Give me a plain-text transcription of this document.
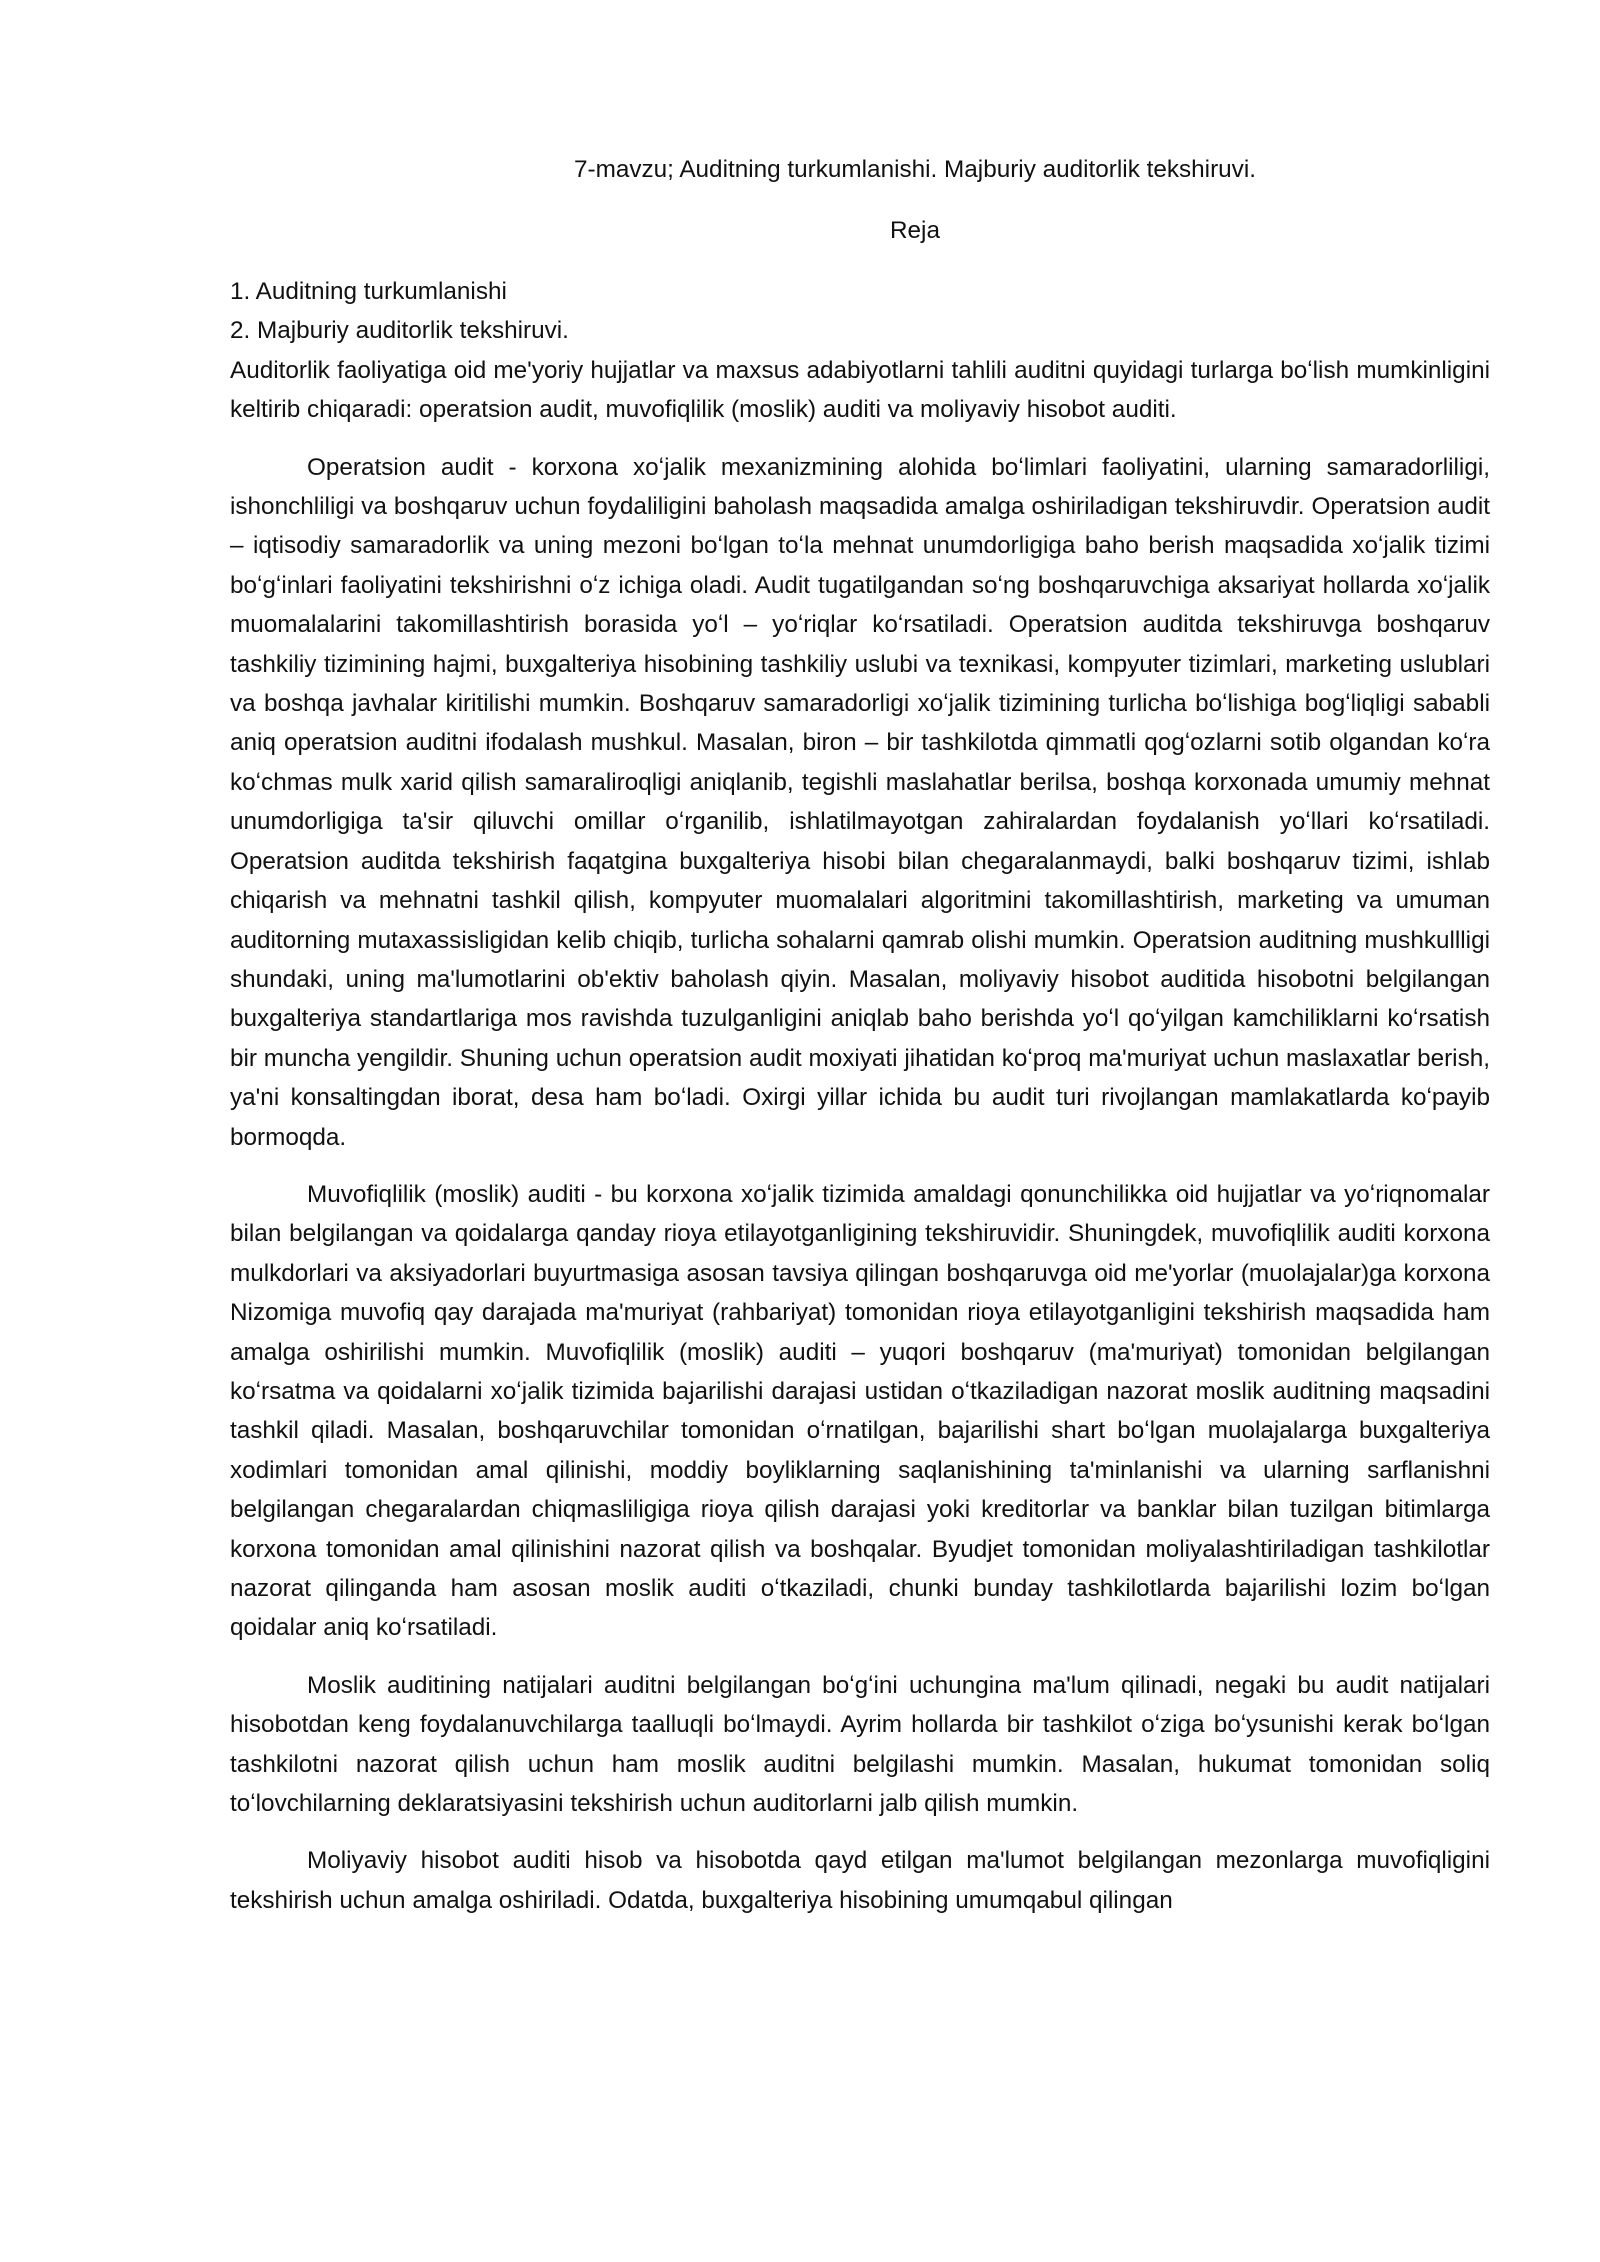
7-mavzu; Auditning turkumlanishi. Majburiy auditorlik tekshiruvi.
Reja
1. Auditning turkumlanishi
2. Majburiy auditorlik tekshiruvi.

Auditorlik faoliyatiga oid me'yoriy hujjatlar va maxsus adabiyotlarni tahlili auditni quyidagi turlarga boʻlish mumkinligini keltirib chiqaradi: operatsion audit, muvofiqlilik (moslik) auditi va moliyaviy hisobot auditi.

Operatsion audit - korxona xoʻjalik mexanizmining alohida boʻlimlari faoliyatini, ularning samaradorliligi, ishonchliligi va boshqaruv uchun foydaliligini baholash maqsadida amalga oshiriladigan tekshiruvdir. Operatsion audit – iqtisodiy samaradorlik va uning mezoni boʻlgan toʻla mehnat unumdorligiga baho berish maqsadida xoʻjalik tizimi boʻgʻinlari faoliyatini tekshirishni oʻz ichiga oladi. Audit tugatilgandan soʻng boshqaruvchiga aksariyat hollarda xoʻjalik muomalalarini takomillashtirish borasida yoʻl – yoʻriqlar koʻrsatiladi. Operatsion auditda tekshiruvga boshqaruv tashkiliy tizimining hajmi, buxgalteriya hisobining tashkiliy uslubi va texnikasi, kompyuter tizimlari, marketing uslublari va boshqa javhalar kiritilishi mumkin. Boshqaruv samaradorligi xoʻjalik tizimining turlicha boʻlishiga bogʻliqligi sababli aniq operatsion auditni ifodalash mushkul. Masalan, biron – bir tashkilotda qimmatli qogʻozlarni sotib olgandan koʻra koʻchmas mulk xarid qilish samaraliroqligi aniqlanib, tegishli maslahatlar berilsa, boshqa korxonada umumiy mehnat unumdorligiga ta'sir qiluvchi omillar oʻrganilib, ishlatilmayotgan zahiralardan foydalanish yoʻllari koʻrsatiladi. Operatsion auditda tekshirish faqatgina buxgalteriya hisobi bilan chegaralanmaydi, balki boshqaruv tizimi, ishlab chiqarish va mehnatni tashkil qilish, kompyuter muomalalari algoritmini takomillashtirish, marketing va umuman auditorning mutaxassisligidan kelib chiqib, turlicha sohalarni qamrab olishi mumkin. Operatsion auditning mushkullligi shundaki, uning ma'lumotlarini ob'ektiv baholash qiyin. Masalan, moliyaviy hisobot auditida hisobotni belgilangan buxgalteriya standartlariga mos ravishda tuzulganligini aniqlab baho berishda yoʻl qoʻyilgan kamchiliklarni koʻrsatish bir muncha yengildir. Shuning uchun operatsion audit moxiyati jihatidan koʻproq ma'muriyat uchun maslaxatlar berish, ya'ni konsaltingdan iborat, desa ham boʻladi. Oxirgi yillar ichida bu audit turi rivojlangan mamlakatlarda koʻpayib bormoqda.

Muvofiqlilik (moslik) auditi - bu korxona xoʻjalik tizimida amaldagi qonunchilikka oid hujjatlar va yoʻriqnomalar bilan belgilangan va qoidalarga qanday rioya etilayotganligining tekshiruvidir. Shuningdek, muvofiqlilik auditi korxona mulkdorlari va aksiyadorlari buyurtmasiga asosan tavsiya qilingan boshqaruvga oid me'yorlar (muolajalar)ga korxona Nizomiga muvofiq qay darajada ma'muriyat (rahbariyat) tomonidan rioya etilayotganligini tekshirish maqsadida ham amalga oshirilishi mumkin. Muvofiqlilik (moslik) auditi – yuqori boshqaruv (ma'muriyat) tomonidan belgilangan koʻrsatma va qoidalarni xoʻjalik tizimida bajarilishi darajasi ustidan oʻtkaziladigan nazorat moslik auditning maqsadini tashkil qiladi. Masalan, boshqaruvchilar tomonidan oʻrnatilgan, bajarilishi shart boʻlgan muolajalarga buxgalteriya xodimlari tomonidan amal qilinishi, moddiy boyliklarning saqlanishining ta'minlanishi va ularning sarflanishni belgilangan chegaralardan chiqmasliligiga rioya qilish darajasi yoki kreditorlar va banklar bilan tuzilgan bitimlarga korxona tomonidan amal qilinishini nazorat qilish va boshqalar. Byudjet tomonidan moliyalashtiriladigan tashkilotlar nazorat qilinganda ham asosan moslik auditi oʻtkaziladi, chunki bunday tashkilotlarda bajarilishi lozim boʻlgan qoidalar aniq koʻrsatiladi.

Moslik auditining natijalari auditni belgilangan boʻgʻini uchungina ma'lum qilinadi, negaki bu audit natijalari hisobotdan keng foydalanuvchilarga taalluqli boʻlmaydi. Ayrim hollarda bir tashkilot oʻziga boʻysunishi kerak boʻlgan tashkilotni nazorat qilish uchun ham moslik auditni belgilashi mumkin. Masalan, hukumat tomonidan soliq toʻlovchilarning deklaratsiyasini tekshirish uchun auditorlarni jalb qilish mumkin.

Moliyaviy hisobot auditi hisob va hisobotda qayd etilgan ma'lumot belgilangan mezonlarga muvofiqligini tekshirish uchun amalga oshiriladi. Odatda, buxgalteriya hisobining umumqabul qilingan
